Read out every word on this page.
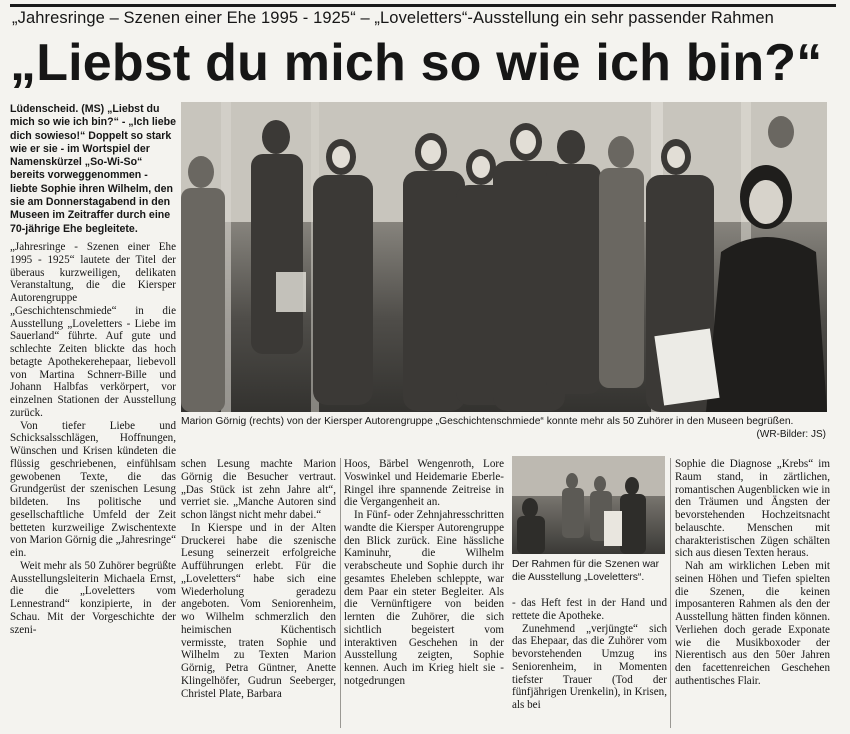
„Jahresringe – Szenen einer Ehe 1995 - 1925“ – „Loveletters“-Ausstellung ein sehr passender Rahmen
„Liebst du mich so wie ich bin?“
Lüdenscheid. (MS) „Liebst du mich so wie ich bin?“ - „Ich liebe dich sowieso!“ Doppelt so stark wie er sie - im Wortspiel der Namenskürzel „So-Wi-So“ bereits vorweggenommen - liebte Sophie ihren Wilhelm, den sie am Donnerstagabend in den Museen im Zeitraffer durch eine 70-jährige Ehe begleitete.
Marion Görnig (rechts) von der Kiersper Autorengruppe „Geschichtenschmiede“ konnte mehr als 50 Zuhörer in den Museen begrüßen.
(WR-Bilder: JS)

„Jahresringe - Szenen einer Ehe 1995 - 1925“ lautete der Titel der überaus kurzweiligen, delikaten Veranstaltung, die die Kiersper Autorengruppe „Geschichtenschmiede“ in die Ausstellung „Loveletters - Liebe im Sauerland“ führte. Auf gute und schlechte Zeiten blickte das hoch betagte Apothekerehepaar, liebevoll von Martina Schnerr-Bille und Johann Halbfas verkörpert, vor einzelnen Stationen der Ausstellung zurück.

Von tiefer Liebe und Schicksalsschlägen, Hoffnungen, Wünschen und Krisen kündeten die flüssig geschriebenen, einfühlsam gewobenen Texte, die das Grundgerüst der szenischen Lesung bildeten. Ins politische und gesellschaftliche Umfeld der Zeit betteten kurzweilige Zwischentexte von Marion Görnig die „Jahresringe“ ein.

Weit mehr als 50 Zuhörer begrüßte Ausstellungsleiterin Michaela Ernst, die die „Loveletters vom Lennestrand“ konzipierte, in der Schau. Mit der Vorgeschichte der szeni-

schen Lesung machte Marion Görnig die Besucher vertraut. „Das Stück ist zehn Jahre alt“, verriet sie. „Manche Autoren sind schon längst nicht mehr dabei.“

In Kierspe und in der Alten Druckerei habe die szenische Lesung seinerzeit erfolgreiche Aufführungen erlebt. Für die „Loveletters“ habe sich eine Wiederholung geradezu angeboten. Vom Seniorenheim, wo Wilhelm schmerzlich den heimischen Küchentisch vermisste, traten Sophie und Wilhelm zu Texten Marion Görnig, Petra Güntner, Anette Klingelhöfer, Gudrun Seeberger, Christel Plate, Barbara

Hoos, Bärbel Wengenroth, Lore Voswinkel und Heidemarie Eberle-Ringel ihre spannende Zeitreise in die Vergangenheit an.

In Fünf- oder Zehnjahresschritten wandte die Kiersper Autorengruppe den Blick zurück. Eine hässliche Kaminuhr, die Wilhelm verabscheute und Sophie durch ihr gesamtes Eheleben schleppte, war dem Paar ein steter Begleiter. Als die Vernünftigere von beiden lernten die Zuhörer, die sich sichtlich begeistert vom interaktiven Geschehen in der Ausstellung zeigten, Sophie kennen. Auch im Krieg hielt sie - notgedrungen

Der Rahmen für die Szenen war die Ausstellung „Loveletters“.

- das Heft fest in der Hand und rettete die Apotheke.

Zunehmend „verjüngte“ sich das Ehepaar, das die Zuhörer vom bevorstehenden Umzug ins Seniorenheim, in Momenten tiefster Trauer (Tod der fünfjährigen Urenkelin), in Krisen, als bei

Sophie die Diagnose „Krebs“ im Raum stand, in zärtlichen, romantischen Augenblicken wie in den Träumen und Ängsten der bevorstehenden Hochzeitsnacht belauschte. Menschen mit charakteristischen Zügen schälten sich aus diesen Texten heraus.

Nah am wirklichen Leben mit seinen Höhen und Tiefen spielten die Szenen, die keinen imposanteren Rahmen als den der Ausstellung hätten finden können. Verliehen doch gerade Exponate wie die Musikboxoder der Nierentisch aus den 50er Jahren den facettenreichen Geschehen authentisches Flair.
